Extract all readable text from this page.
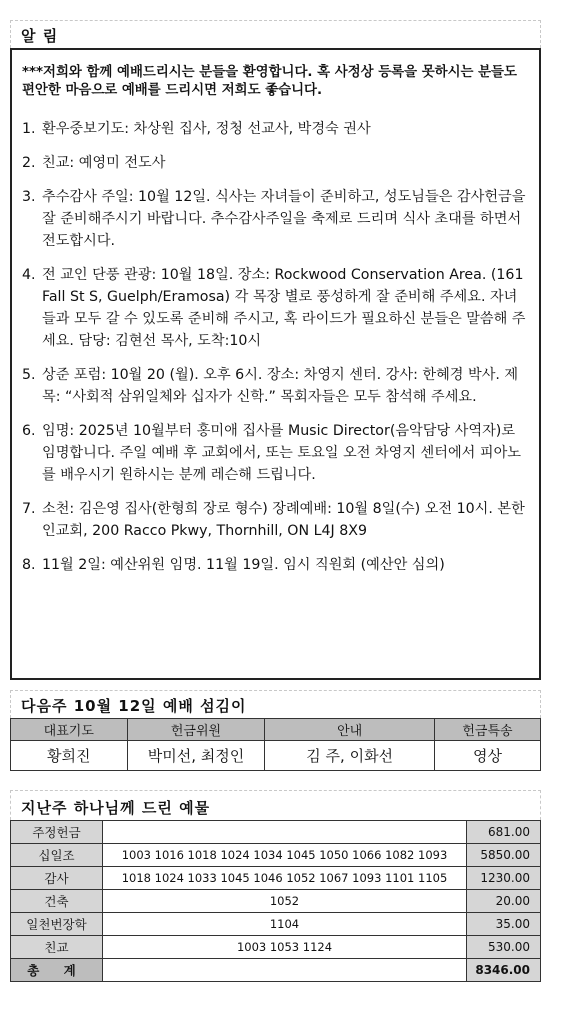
알 림
***저희와 함께 예배드리시는 분들을 환영합니다. 혹 사정상 등록을 못하시는 분들도 편안한 마음으로 예배를 드리시면 저희도 좋습니다.
1. 환우중보기도: 차상원 집사, 정청 선교사, 박경숙 권사
2. 친교: 예영미 전도사
3. 추수감사 주일: 10월 12일. 식사는 자녀들이 준비하고, 성도님들은 감사헌금을 잘 준비해주시기 바랍니다. 추수감사주일을 축제로 드리며 식사 초대를 하면서 전도합시다.
4. 전 교인 단풍 관광: 10월 18일. 장소: Rockwood Conservation Area. (161 Fall St S, Guelph/Eramosa) 각 목장 별로 풍성하게 잘 준비해 주세요. 자녀들과 모두 갈 수 있도록 준비해 주시고, 혹 라이드가 필요하신 분들은 말씀해 주세요. 담당: 김현선 목사, 도착:10시
5. 상준 포럼: 10월 20 (월). 오후 6시. 장소: 차영지 센터. 강사: 한혜경 박사. 제목: “사회적 삼위일체와 십자가 신학.” 목회자들은 모두 참석해 주세요.
6. 임명: 2025년 10월부터 홍미애 집사를 Music Director(음악담당 사역자)로 임명합니다. 주일 예배 후 교회에서, 또는 토요일 오전 차영지 센터에서 피아노를 배우시기 원하시는 분께 레슨해 드립니다.
7. 소천: 김은영 집사(한형희 장로 형수) 장례예배: 10월 8일(수) 오전 10시. 본한인교회, 200 Racco Pkwy, Thornhill, ON L4J 8X9
8. 11월 2일: 예산위원 임명. 11월 19일. 임시 직원회 (예산안 심의)
다음주 10월 12일 예배 섬김이
대표기도	헌금위원	안내	헌금특송
황희진	박미선, 최정인	김 주, 이화선	영상
지난주 하나님께 드린 예물
주정헌금		681.00
십일조	1003 1016 1018 1024 1034 1045 1050 1066 1082 1093	5850.00
감사	1018 1024 1033 1045 1046 1052 1067 1093 1101 1105	1230.00
건축	1052	20.00
일천번장학	1104	35.00
친교	1003 1053 1124	530.00
총 계		8346.00
